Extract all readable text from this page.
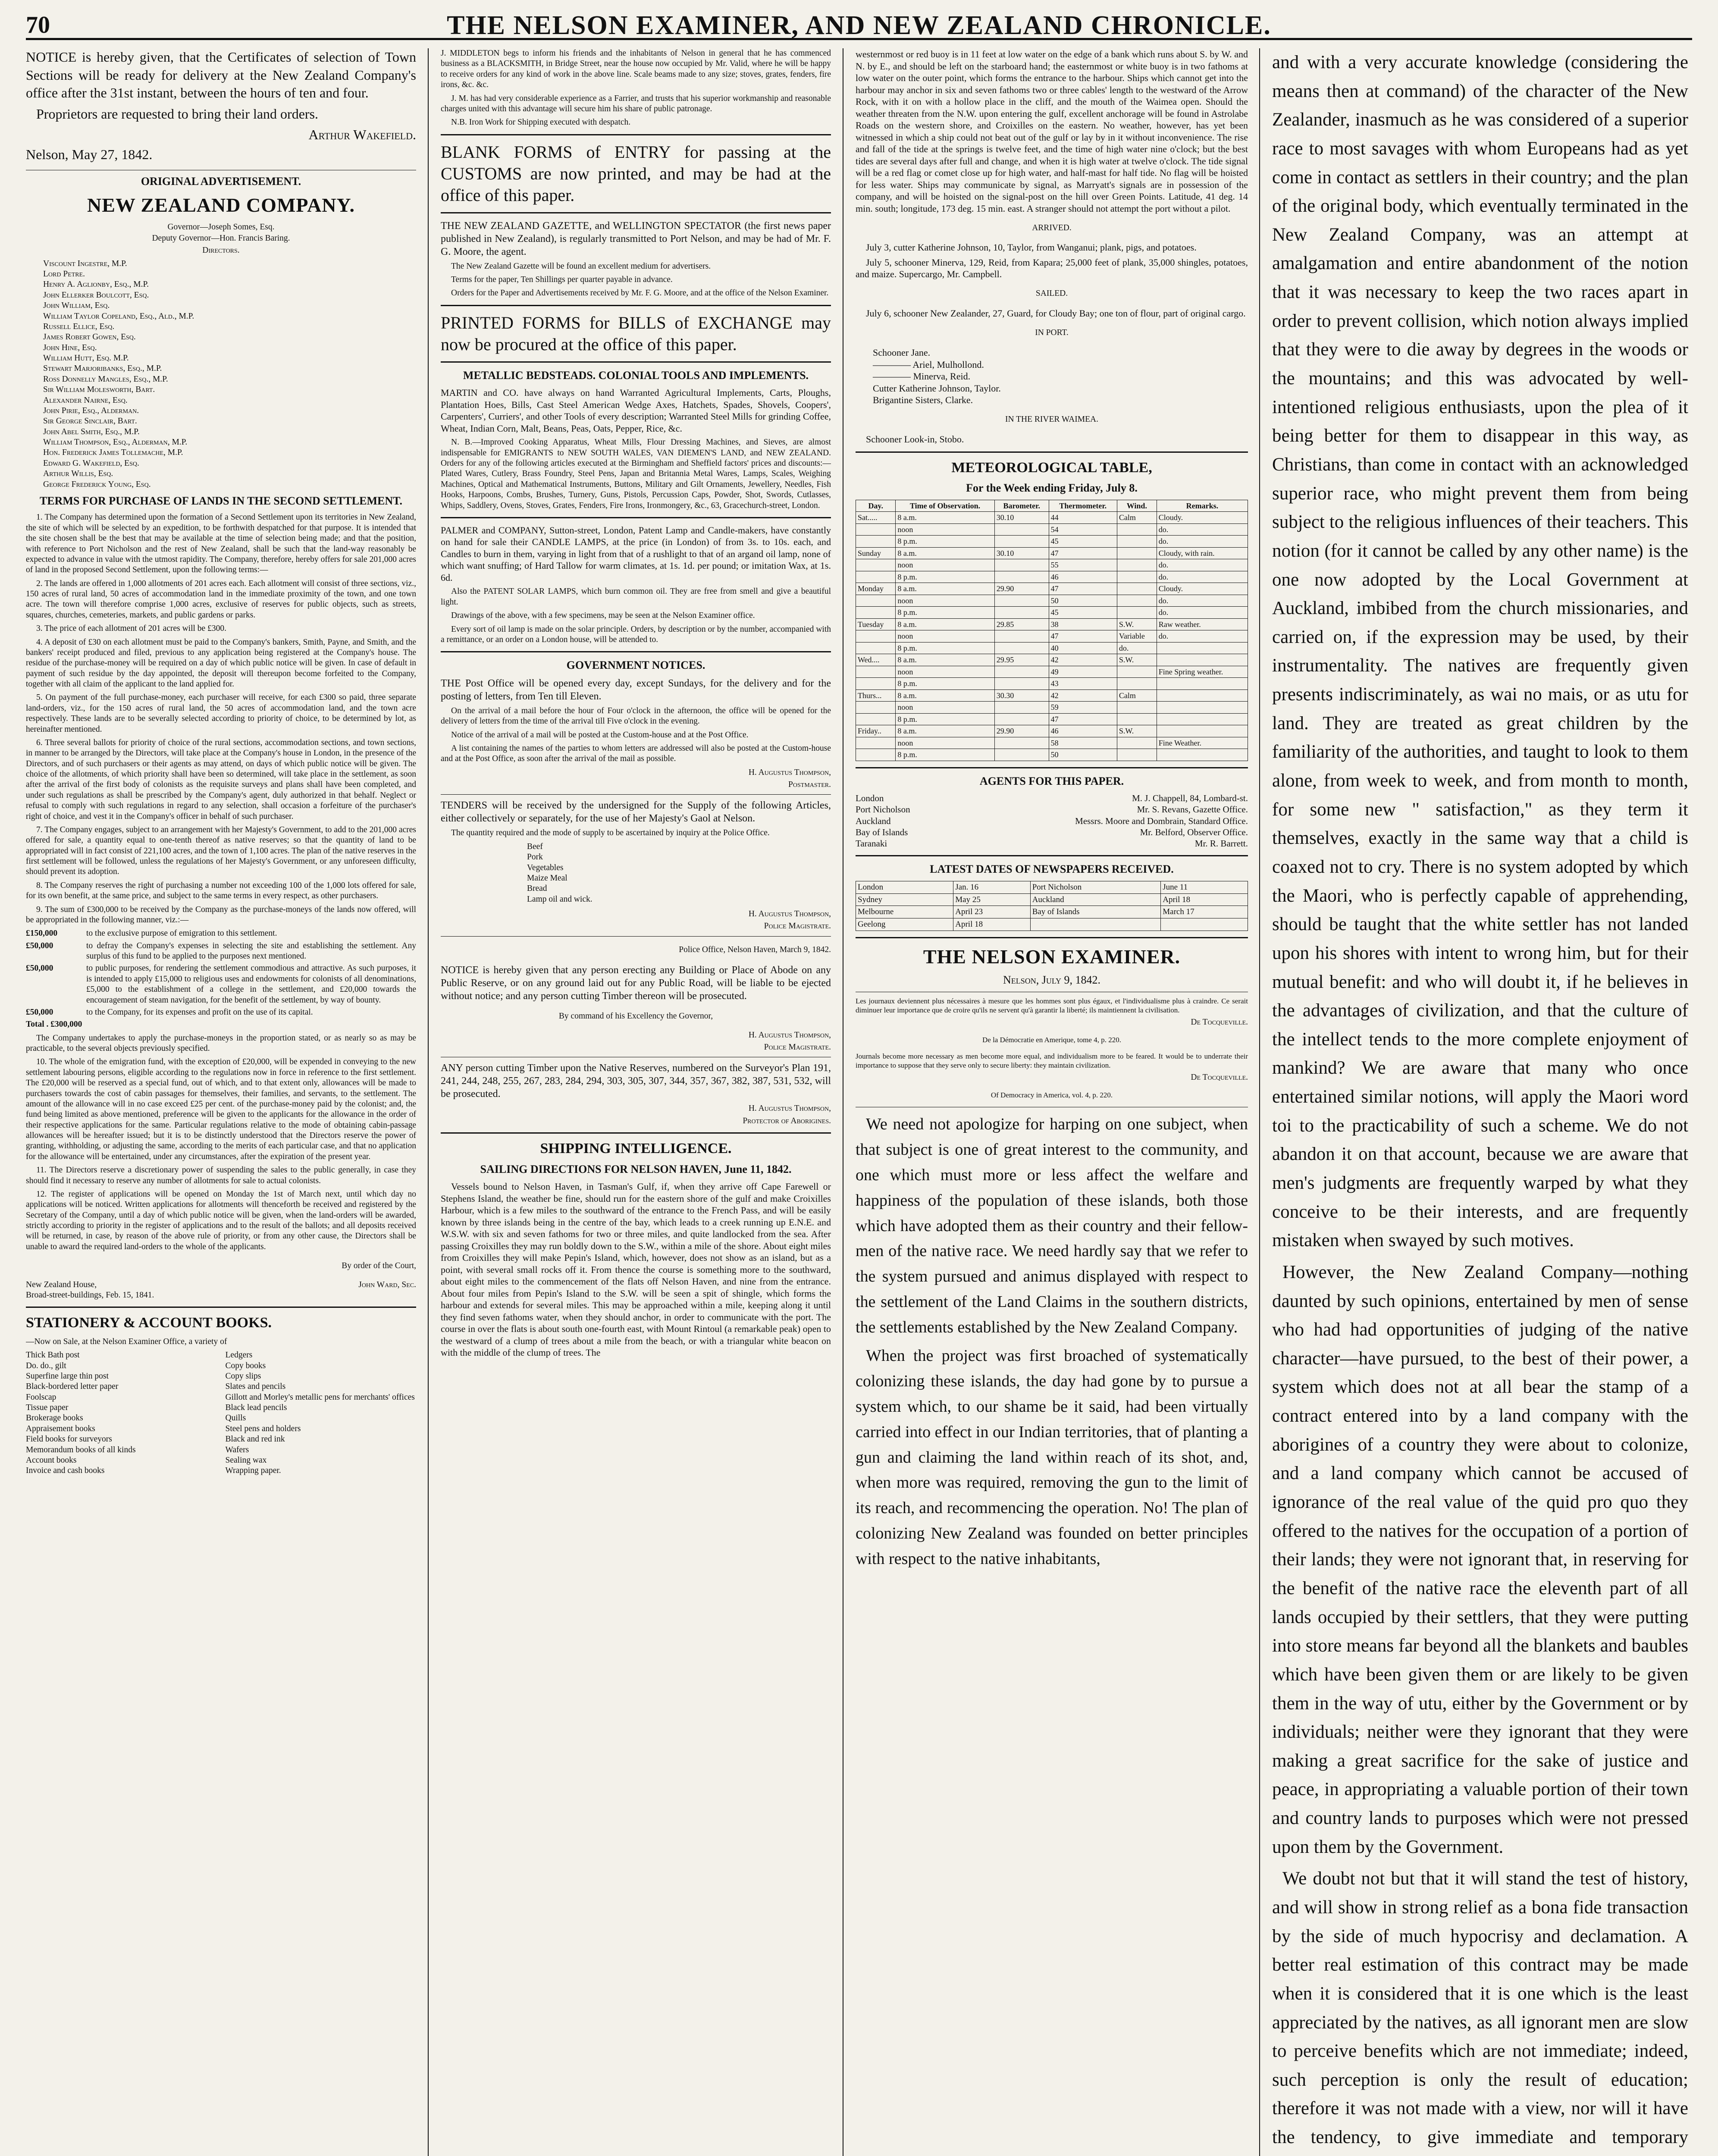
70	THE NELSON EXAMINER, AND NEW ZEALAND CHRONICLE.

NOTICE is hereby given, that the Certificates of selection of Town Sections will be ready for delivery at the New Zealand Company's office after the 31st instant, between the hours of ten and four.

Proprietors are requested to bring their land orders.

Arthur Wakefield.

Nelson, May 27, 1842.

ORIGINAL ADVERTISEMENT.
NEW ZEALAND COMPANY.

Governor—Joseph Somes, Esq.

Deputy Governor—Hon. Francis Baring.

Directors.

Viscount Ingestre, M.P.
Lord Petre.
Henry A. Aglionby, Esq., M.P.
John Ellerker Boulcott, Esq.
John William, Esq.
William Taylor Copeland, Esq., Ald., M.P.
Russell Ellice, Esq.
James Robert Gowen, Esq.
John Hine, Esq.
William Hutt, Esq. M.P.
Stewart Marjoribanks, Esq., M.P.
Ross Donnelly Mangles, Esq., M.P.
Sir William Molesworth, Bart.
Alexander Nairne, Esq.
John Pirie, Esq., Alderman.
Sir George Sinclair, Bart.
John Abel Smith, Esq., M.P.
William Thompson, Esq., Alderman, M.P.
Hon. Frederick James Tollemache, M.P.
Edward G. Wakefield, Esq.
Arthur Willis, Esq.
George Frederick Young, Esq.
TERMS FOR PURCHASE OF LANDS IN THE SECOND SETTLEMENT.

1. The Company has determined upon the formation of a Second Settlement upon its territories in New Zealand, the site of which will be selected by an expedition, to be forthwith despatched for that purpose. It is intended that the site chosen shall be the best that may be available at the time of selection being made; and that the position, with reference to Port Nicholson and the rest of New Zealand, shall be such that the land-way reasonably be expected to advance in value with the utmost rapidity. The Company, therefore, hereby offers for sale 201,000 acres of land in the proposed Second Settlement, upon the following terms:—

2. The lands are offered in 1,000 allotments of 201 acres each. Each allotment will consist of three sections, viz., 150 acres of rural land, 50 acres of accommodation land in the immediate proximity of the town, and one town acre. The town will therefore comprise 1,000 acres, exclusive of reserves for public objects, such as streets, squares, churches, cemeteries, markets, and public gardens or parks.

3. The price of each allotment of 201 acres will be £300.

4. A deposit of £30 on each allotment must be paid to the Company's bankers, Smith, Payne, and Smith, and the bankers' receipt produced and filed, previous to any application being registered at the Company's house. The residue of the purchase-money will be required on a day of which public notice will be given. In case of default in payment of such residue by the day appointed, the deposit will thereupon become forfeited to the Company, together with all claim of the applicant to the land applied for.

5. On payment of the full purchase-money, each purchaser will receive, for each £300 so paid, three separate land-orders, viz., for the 150 acres of rural land, the 50 acres of accommodation land, and the town acre respectively. These lands are to be severally selected according to priority of choice, to be determined by lot, as hereinafter mentioned.

6. Three several ballots for priority of choice of the rural sections, accommodation sections, and town sections, in manner to be arranged by the Directors, will take place at the Company's house in London, in the presence of the Directors, and of such purchasers or their agents as may attend, on days of which public notice will be given. The choice of the allotments, of which priority shall have been so determined, will take place in the settlement, as soon after the arrival of the first body of colonists as the requisite surveys and plans shall have been completed, and under such regulations as shall be prescribed by the Company's agent, duly authorized in that behalf. Neglect or refusal to comply with such regulations in regard to any selection, shall occasion a forfeiture of the purchaser's right of choice, and vest it in the Company's officer in behalf of such purchaser.

7. The Company engages, subject to an arrangement with her Majesty's Government, to add to the 201,000 acres offered for sale, a quantity equal to one-tenth thereof as native reserves; so that the quantity of land to be appropriated will in fact consist of 221,100 acres, and the town of 1,100 acres. The plan of the native reserves in the first settlement will be followed, unless the regulations of her Majesty's Government, or any unforeseen difficulty, should prevent its adoption.

8. The Company reserves the right of purchasing a number not exceeding 100 of the 1,000 lots offered for sale, for its own benefit, at the same price, and subject to the same terms in every respect, as other purchasers.

9. The sum of £300,000 to be received by the Company as the purchase-moneys of the lands now offered, will be appropriated in the following manner, viz.:—

£150,000	to the exclusive purpose of emigration to this settlement.
£50,000	to defray the Company's expenses in selecting the site and establishing the settlement. Any surplus of this fund to be applied to the purposes next mentioned.
£50,000	to public purposes, for rendering the settlement commodious and attractive. As such purposes, it is intended to apply £15,000 to religious uses and endowments for colonists of all denominations, £5,000 to the establishment of a college in the settlement, and £20,000 towards the encouragement of steam navigation, for the benefit of the settlement, by way of bounty.
£50,000	to the Company, for its expenses and profit on the use of its capital.

Total . £300,000

The Company undertakes to apply the purchase-moneys in the proportion stated, or as nearly so as may be practicable, to the several objects previously specified.

10. The whole of the emigration fund, with the exception of £20,000, will be expended in conveying to the new settlement labouring persons, eligible according to the regulations now in force in reference to the first settlement. The £20,000 will be reserved as a special fund, out of which, and to that extent only, allowances will be made to purchasers towards the cost of cabin passages for themselves, their families, and servants, to the settlement. The amount of the allowance will in no case exceed £25 per cent. of the purchase-money paid by the colonist; and, the fund being limited as above mentioned, preference will be given to the applicants for the allowance in the order of their respective applications for the same. Particular regulations relative to the mode of obtaining cabin-passage allowances will be hereafter issued; but it is to be distinctly understood that the Directors reserve the power of granting, withholding, or adjusting the same, according to the merits of each particular case, and that no application for the allowance will be entertained, under any circumstances, after the expiration of the present year.

11. The Directors reserve a discretionary power of suspending the sales to the public generally, in case they should find it necessary to reserve any number of allotments for sale to actual colonists.

12. The register of applications will be opened on Monday the 1st of March next, until which day no applications will be noticed. Written applications for allotments will thenceforth be received and registered by the Secretary of the Company, until a day of which public notice will be given, when the land-orders will be awarded, strictly according to priority in the register of applications and to the result of the ballots; and all deposits received will be returned, in case, by reason of the above rule of priority, or from any other cause, the Directors shall be unable to award the required land-orders to the whole of the applicants.

By order of the Court,

New Zealand House,	John Ward, Sec.

Broad-street-buildings, Feb. 15, 1841.

STATIONERY & ACCOUNT BOOKS.

—Now on Sale, at the Nelson Examiner Office, a variety of

Thick Bath post
Do. do., gilt
Superfine large thin post
Black-bordered letter paper
Foolscap
Tissue paper
Brokerage books
Appraisement books
Field books for surveyors
Memorandum books of all kinds
Account books
Invoice and cash books
Ledgers
Copy books
Copy slips
Slates and pencils
Gillott and Morley's metallic pens for merchants' offices
Black lead pencils
Quills
Steel pens and holders
Black and red ink
Wafers
Sealing wax
Wrapping paper.

J. MIDDLETON begs to inform his friends and the inhabitants of Nelson in general that he has commenced business as a BLACKSMITH, in Bridge Street, near the house now occupied by Mr. Valid, where he will be happy to receive orders for any kind of work in the above line. Scale beams made to any size; stoves, grates, fenders, fire irons, &c. &c.

J. M. has had very considerable experience as a Farrier, and trusts that his superior workmanship and reasonable charges united with this advantage will secure him his share of public patronage.

N.B. Iron Work for Shipping executed with despatch.

BLANK FORMS of ENTRY for passing at the CUSTOMS are now printed, and may be had at the office of this paper.

THE NEW ZEALAND GAZETTE, and WELLINGTON SPECTATOR (the first news paper published in New Zealand), is regularly transmitted to Port Nelson, and may be had of Mr. F. G. Moore, the agent.

The New Zealand Gazette will be found an excellent medium for advertisers.

Terms for the paper, Ten Shillings per quarter payable in advance.

Orders for the Paper and Advertisements received by Mr. F. G. Moore, and at the office of the Nelson Examiner.

PRINTED FORMS for BILLS of EXCHANGE may now be procured at the office of this paper.

METALLIC BEDSTEADS. COLONIAL TOOLS AND IMPLEMENTS.

MARTIN and CO. have always on hand Warranted Agricultural Implements, Carts, Ploughs, Plantation Hoes, Bills, Cast Steel American Wedge Axes, Hatchets, Spades, Shovels, Coopers', Carpenters', Curriers', and other Tools of every description; Warranted Steel Mills for grinding Coffee, Wheat, Indian Corn, Malt, Beans, Peas, Oats, Pepper, Rice, &c.

N. B.—Improved Cooking Apparatus, Wheat Mills, Flour Dressing Machines, and Sieves, are almost indispensable for EMIGRANTS to NEW SOUTH WALES, VAN DIEMEN'S LAND, and NEW ZEALAND. Orders for any of the following articles executed at the Birmingham and Sheffield factors' prices and discounts:—Plated Wares, Cutlery, Brass Foundry, Steel Pens, Japan and Britannia Metal Wares, Lamps, Scales, Weighing Machines, Optical and Mathematical Instruments, Buttons, Military and Gilt Ornaments, Jewellery, Needles, Fish Hooks, Harpoons, Combs, Brushes, Turnery, Guns, Pistols, Percussion Caps, Powder, Shot, Swords, Cutlasses, Whips, Saddlery, Ovens, Stoves, Grates, Fenders, Fire Irons, Ironmongery, &c., 63, Gracechurch-street, London.

PALMER and COMPANY, Sutton-street, London, Patent Lamp and Candle-makers, have constantly on hand for sale their CANDLE LAMPS, at the price (in London) of from 3s. to 10s. each, and Candles to burn in them, varying in light from that of a rushlight to that of an argand oil lamp, none of which want snuffing; of Hard Tallow for warm climates, at 1s. 1d. per pound; or imitation Wax, at 1s. 6d.

Also the PATENT SOLAR LAMPS, which burn common oil. They are free from smell and give a beautiful light.

Drawings of the above, with a few specimens, may be seen at the Nelson Examiner office.

Every sort of oil lamp is made on the solar principle. Orders, by description or by the number, accompanied with a remittance, or an order on a London house, will be attended to.

GOVERNMENT NOTICES.

THE Post Office will be opened every day, except Sundays, for the delivery and for the posting of letters, from Ten till Eleven.

On the arrival of a mail before the hour of Four o'clock in the afternoon, the office will be opened for the delivery of letters from the time of the arrival till Five o'clock in the evening.

Notice of the arrival of a mail will be posted at the Custom-house and at the Post Office.

A list containing the names of the parties to whom letters are addressed will also be posted at the Custom-house and at the Post Office, as soon after the arrival of the mail as possible.

H. Augustus Thompson,

Postmaster.

TENDERS will be received by the undersigned for the Supply of the following Articles, either collectively or separately, for the use of her Majesty's Gaol at Nelson.

The quantity required and the mode of supply to be ascertained by inquiry at the Police Office.

Beef
Pork
Vegetables
Maize Meal
Bread
Lamp oil and wick.

H. Augustus Thompson,

Police Magistrate.

Police Office, Nelson Haven, March 9, 1842.

NOTICE is hereby given that any person erecting any Building or Place of Abode on any Public Reserve, or on any ground laid out for any Public Road, will be liable to be ejected without notice; and any person cutting Timber thereon will be prosecuted.

By command of his Excellency the Governor,

H. Augustus Thompson,

Police Magistrate.

ANY person cutting Timber upon the Native Reserves, numbered on the Surveyor's Plan 191, 241, 244, 248, 255, 267, 283, 284, 294, 303, 305, 307, 344, 357, 367, 382, 387, 531, 532, will be prosecuted.

H. Augustus Thompson,

Protector of Aborigines.

SHIPPING INTELLIGENCE.
SAILING DIRECTIONS FOR NELSON HAVEN, June 11, 1842.

Vessels bound to Nelson Haven, in Tasman's Gulf, if, when they arrive off Cape Farewell or Stephens Island, the weather be fine, should run for the eastern shore of the gulf and make Croixilles Harbour, which is a few miles to the southward of the entrance to the French Pass, and will be easily known by three islands being in the centre of the bay, which leads to a creek running up E.N.E. and W.S.W. with six and seven fathoms for two or three miles, and quite landlocked from the sea. After passing Croixilles they may run boldly down to the S.W., within a mile of the shore. About eight miles from Croixilles they will make Pepin's Island, which, however, does not show as an island, but as a point, with several small rocks off it. From thence the course is something more to the southward, about eight miles to the commencement of the flats off Nelson Haven, and nine from the entrance. About four miles from Pepin's Island to the S.W. will be seen a spit of shingle, which forms the harbour and extends for several miles. This may be approached within a mile, keeping along it until they find seven fathoms water, when they should anchor, in order to communicate with the port. The course in over the flats is about south one-fourth east, with Mount Rintoul (a remarkable peak) open to the westward of a clump of trees about a mile from the beach, or with a triangular white beacon on with the middle of the clump of trees. The

westernmost or red buoy is in 11 feet at low water on the edge of a bank which runs about S. by W. and N. by E., and should be left on the starboard hand; the easternmost or white buoy is in two fathoms at low water on the outer point, which forms the entrance to the harbour. Ships which cannot get into the harbour may anchor in six and seven fathoms two or three cables' length to the westward of the Arrow Rock, with it on with a hollow place in the cliff, and the mouth of the Waimea open. Should the weather threaten from the N.W. upon entering the gulf, excellent anchorage will be found in Astrolabe Roads on the western shore, and Croixilles on the eastern. No weather, however, has yet been witnessed in which a ship could not beat out of the gulf or lay by in it without inconvenience. The rise and fall of the tide at the springs is twelve feet, and the time of high water nine o'clock; but the best tides are several days after full and change, and when it is high water at twelve o'clock. The tide signal will be a red flag or comet close up for high water, and half-mast for half tide. No flag will be hoisted for less water. Ships may communicate by signal, as Marryatt's signals are in possession of the company, and will be hoisted on the signal-post on the hill over Green Points. Latitude, 41 deg. 14 min. south; longitude, 173 deg. 15 min. east. A stranger should not attempt the port without a pilot.

ARRIVED.

July 3, cutter Katherine Johnson, 10, Taylor, from Wanganui; plank, pigs, and potatoes.

July 5, schooner Minerva, 129, Reid, from Kapara; 25,000 feet of plank, 35,000 shingles, potatoes, and maize. Supercargo, Mr. Campbell.

SAILED.

July 6, schooner New Zealander, 27, Guard, for Cloudy Bay; one ton of flour, part of original cargo.

IN PORT.

Schooner Jane.
———— Ariel, Mulhollond.
———— Minerva, Reid.
Cutter Katherine Johnson, Taylor.
Brigantine Sisters, Clarke.

IN THE RIVER WAIMEA.

Schooner Look-in, Stobo.

METEOROLOGICAL TABLE,
For the Week ending Friday, July 8.
Day.	Time of Observation.	Barometer.	Thermometer.	Wind.	Remarks.
Sat.....	8 a.m.	30.10	44	Calm	Cloudy.
	noon		54		do.
	8 p.m.		45		do.
Sunday	8 a.m.	30.10	47		Cloudy, with rain.
	noon		55		do.
	8 p.m.		46		do.
Monday	8 a.m.	29.90	47		Cloudy.
	noon		50		do.
	8 p.m.		45		do.
Tuesday	8 a.m.	29.85	38	S.W.	Raw weather.
	noon		47	Variable	do.
	8 p.m.		40	do.	
Wed....	8 a.m.	29.95	42	S.W.	
	noon		49		Fine Spring weather.
	8 p.m.		43		
Thurs...	8 a.m.	30.30	42	Calm	
	noon		59		
	8 p.m.		47		
Friday..	8 a.m.	29.90	46	S.W.	
	noon		58		Fine Weather.
	8 p.m.		50		
AGENTS FOR THIS PAPER.
London	M. J. Chappell, 84, Lombard-st.
Port Nicholson	Mr. S. Revans, Gazette Office.
Auckland	Messrs. Moore and Dombrain, Standard Office.
Bay of Islands	Mr. Belford, Observer Office.
Taranaki	Mr. R. Barrett.
LATEST DATES OF NEWSPAPERS RECEIVED.
London	Jan. 16	Port Nicholson	June 11
Sydney	May 25	Auckland	April 18
Melbourne	April 23	Bay of Islands	March 17
Geelong	April 18		
THE NELSON EXAMINER.
Nelson, July 9, 1842.

Les journaux deviennent plus nécessaires à mesure que les hommes sont plus égaux, et l'individualisme plus à craindre. Ce serait diminuer leur importance que de croire qu'ils ne servent qu'à garantir la liberté; ils maintiennent la civilisation.

De Tocqueville.

De la Démocratie en Amerique, tome 4, p. 220.

Journals become more necessary as men become more equal, and individualism more to be feared. It would be to underrate their importance to suppose that they serve only to secure liberty: they maintain civilization.

De Tocqueville.

Of Democracy in America, vol. 4, p. 220.

We need not apologize for harping on one subject, when that subject is one of great interest to the community, and one which must more or less affect the welfare and happiness of the population of these islands, both those which have adopted them as their country and their fellow-men of the native race. We need hardly say that we refer to the system pursued and animus displayed with respect to the settlement of the Land Claims in the southern districts, the settlements established by the New Zealand Company.

When the project was first broached of systematically colonizing these islands, the day had gone by to pursue a system which, to our shame be it said, had been virtually carried into effect in our Indian territories, that of planting a gun and claiming the land within reach of its shot, and, when more was required, removing the gun to the limit of its reach, and recommencing the operation. No! The plan of colonizing New Zealand was founded on better principles with respect to the native inhabitants,

and with a very accurate knowledge (considering the means then at command) of the character of the New Zealander, inasmuch as he was considered of a superior race to most savages with whom Europeans had as yet come in contact as settlers in their country; and the plan of the original body, which eventually terminated in the New Zealand Company, was an attempt at amalgamation and entire abandonment of the notion that it was necessary to keep the two races apart in order to prevent collision, which notion always implied that they were to die away by degrees in the woods or the mountains; and this was advocated by well-intentioned religious enthusiasts, upon the plea of it being better for them to disappear in this way, as Christians, than come in contact with an acknowledged superior race, who might prevent them from being subject to the religious influences of their teachers. This notion (for it cannot be called by any other name) is the one now adopted by the Local Government at Auckland, imbibed from the church missionaries, and carried on, if the expression may be used, by their instrumentality. The natives are frequently given presents indiscriminately, as wai no mais, or as utu for land. They are treated as great children by the familiarity of the authorities, and taught to look to them alone, from week to week, and from month to month, for some new " satisfaction," as they term it themselves, exactly in the same way that a child is coaxed not to cry. There is no system adopted by which the Maori, who is perfectly capable of apprehending, should be taught that the white settler has not landed upon his shores with intent to wrong him, but for their mutual benefit: and who will doubt it, if he believes in the advantages of civilization, and that the culture of the intellect tends to the more complete enjoyment of mankind? We are aware that many who once entertained similar notions, will apply the Maori word toi to the practicability of such a scheme. We do not abandon it on that account, because we are aware that men's judgments are frequently warped by what they conceive to be their interests, and are frequently mistaken when swayed by such motives.

However, the New Zealand Company—nothing daunted by such opinions, entertained by men of sense who had had opportunities of judging of the native character—have pursued, to the best of their power, a system which does not at all bear the stamp of a contract entered into by a land company with the aborigines of a country they were about to colonize, and a land company which cannot be accused of ignorance of the real value of the quid pro quo they offered to the natives for the occupation of a portion of their lands; they were not ignorant that, in reserving for the benefit of the native race the eleventh part of all lands occupied by their settlers, that they were putting into store means far beyond all the blankets and baubles which have been given them or are likely to be given them in the way of utu, either by the Government or by individuals; neither were they ignorant that they were making a great sacrifice for the sake of justice and peace, in appropriating a valuable portion of their town and country lands to purposes which were not pressed upon them by the Government.

We doubt not but that it will stand the test of history, and will show in strong relief as a bona fide transaction by the side of much hypocrisy and declamation. A better real estimation of this contract may be made when it is considered that it is one which is the least appreciated by the natives, as all ignorant men are slow to perceive benefits which are not immediate; indeed, such perception is only the result of education; therefore it was not made with a view, nor will it have the tendency, to give immediate and temporary
